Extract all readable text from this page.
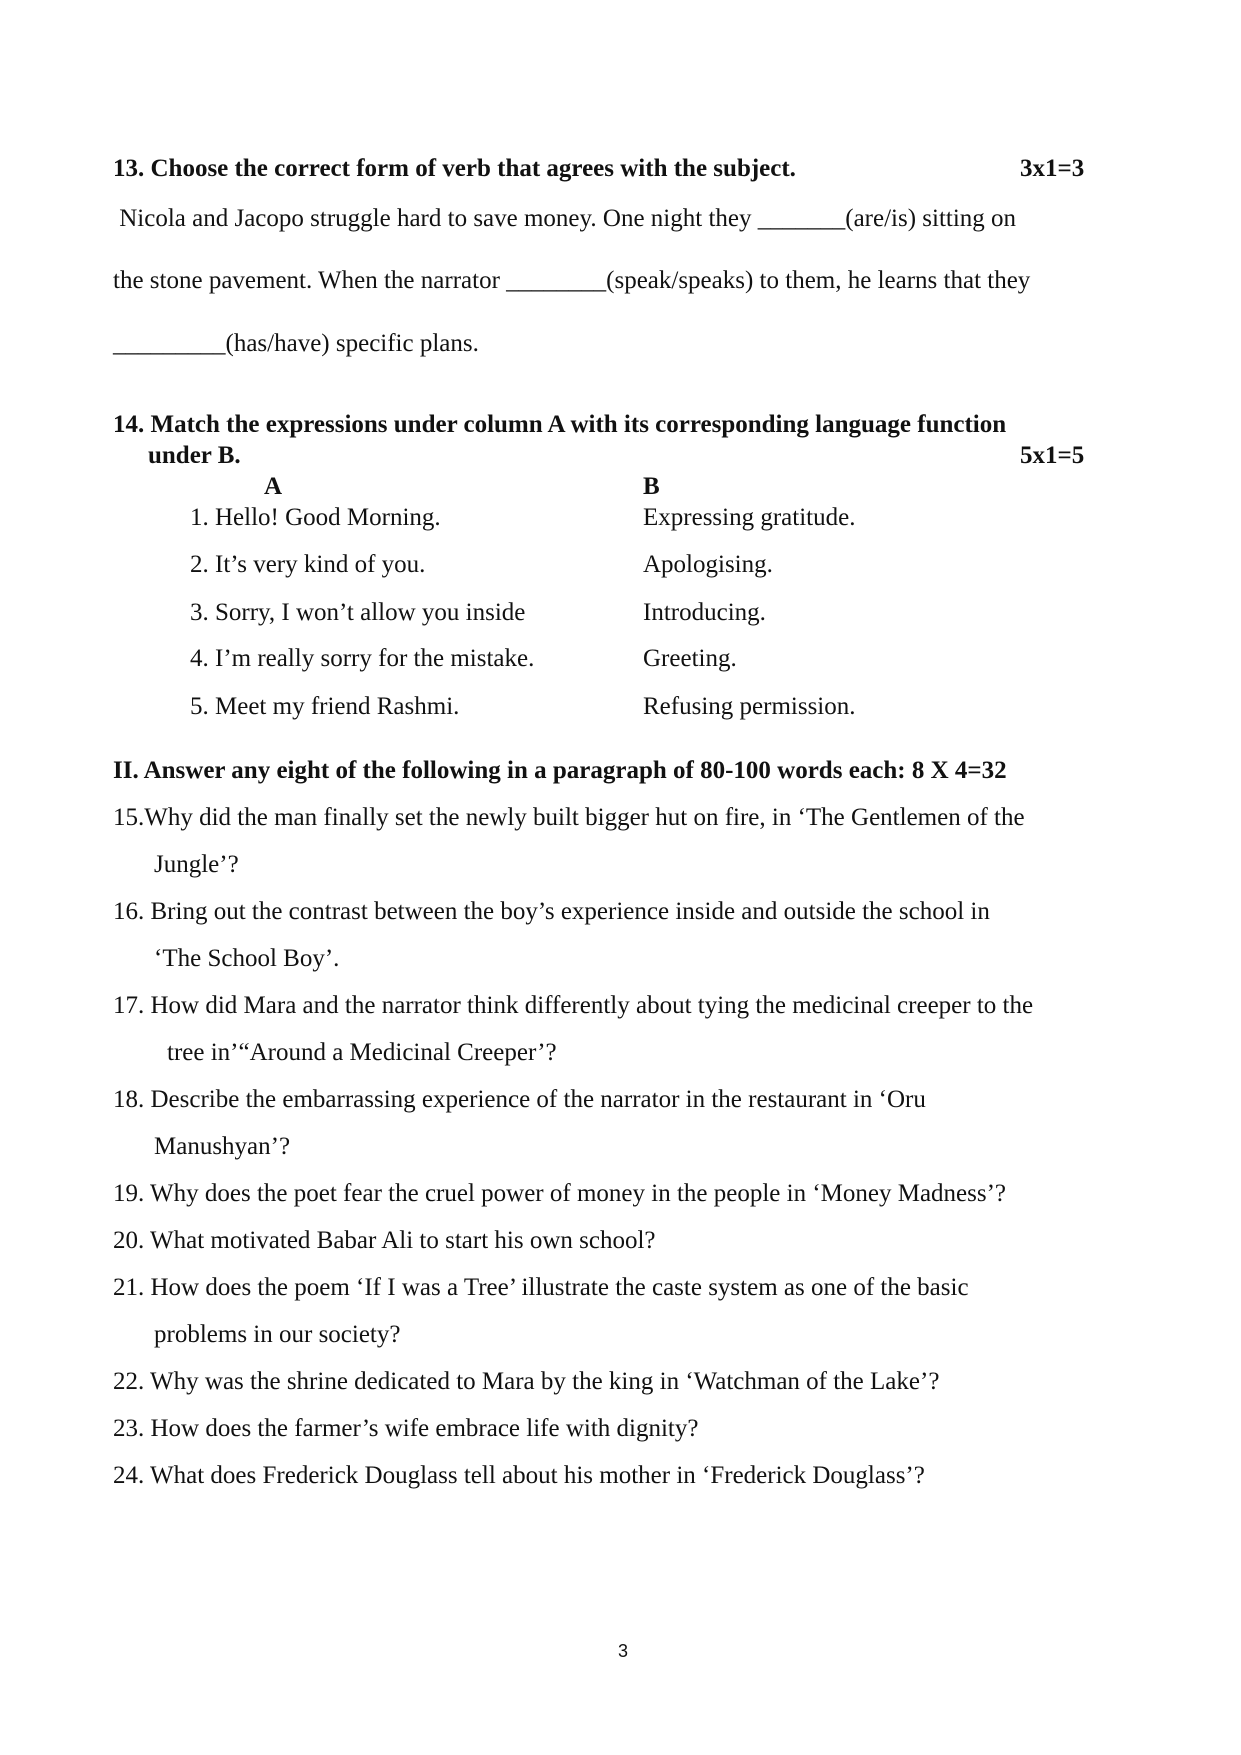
13. Choose the correct form of verb that agrees with the subject.	3x1=3
Nicola and Jacopo struggle hard to save money. One night they _______(are/is) sitting on
the stone pavement. When the narrator ________(speak/speaks) to them, he learns that they
_________(has/have) specific plans.
14. Match the expressions under column A with its corresponding language function
under B.	5x1=5
A	B
1. Hello! Good Morning.	Expressing gratitude.
2. It’s very kind of you.	Apologising.
3. Sorry, I won’t allow you inside	Introducing.
4. I’m really sorry for the mistake.	Greeting.
5. Meet my friend Rashmi.	Refusing permission.
II. Answer any eight of the following in a paragraph of 80-100 words each: 8 X 4=32
15.Why did the man finally set the newly built bigger hut on fire, in ‘The Gentlemen of the
Jungle’?
16. Bring out the contrast between the boy’s experience inside and outside the school in
‘The School Boy’.
17. How did Mara and the narrator think differently about tying the medicinal creeper to the
tree in’“Around a Medicinal Creeper’?
18. Describe the embarrassing experience of the narrator in the restaurant in ‘Oru
Manushyan’?
19. Why does the poet fear the cruel power of money in the people in ‘Money Madness’?
20. What motivated Babar Ali to start his own school?
21. How does the poem ‘If I was a Tree’ illustrate the caste system as one of the basic
problems in our society?
22. Why was the shrine dedicated to Mara by the king in ‘Watchman of the Lake’?
23. How does the farmer’s wife embrace life with dignity?
24. What does Frederick Douglass tell about his mother in ‘Frederick Douglass’?
3
